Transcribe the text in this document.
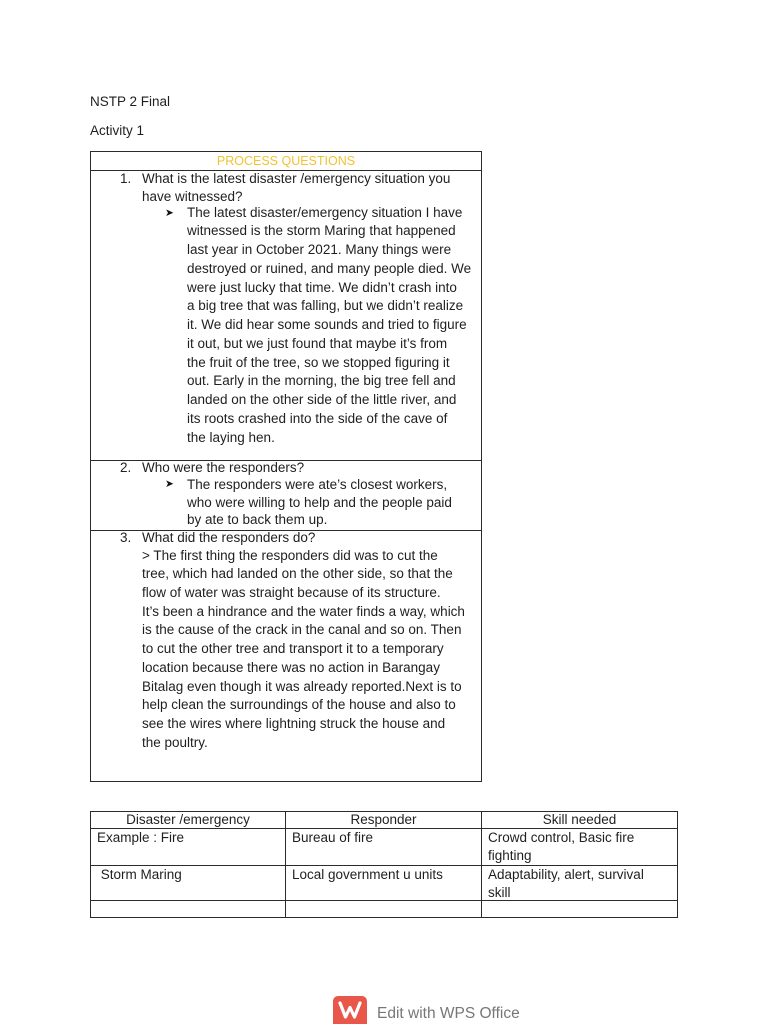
NSTP 2 Final
Activity 1
PROCESS QUESTIONS
1. What is the latest disaster /emergency situation you
have witnessed?
➤ The latest disaster/emergency situation I have
witnessed is the storm Maring that happened
last year in October 2021. Many things were
destroyed or ruined, and many people died. We
were just lucky that time. We didn’t crash into
a big tree that was falling, but we didn’t realize
it. We did hear some sounds and tried to figure
it out, but we just found that maybe it’s from
the fruit of the tree, so we stopped figuring it
out. Early in the morning, the big tree fell and
landed on the other side of the little river, and
its roots crashed into the side of the cave of
the laying hen.
2. Who were the responders?
➤ The responders were ate’s closest workers,
who were willing to help and the people paid
by ate to back them up.
3. What did the responders do?
> The first thing the responders did was to cut the
tree, which had landed on the other side, so that the
flow of water was straight because of its structure.
It’s been a hindrance and the water finds a way, which
is the cause of the crack in the canal and so on. Then
to cut the other tree and transport it to a temporary
location because there was no action in Barangay
Bitalag even though it was already reported.Next is to
help clean the surroundings of the house and also to
see the wires where lightning struck the house and
the poultry.
Disaster /emergency	Responder	Skill needed
Example : Fire	Bureau of fire	Crowd control, Basic fire
fighting
Storm Maring	Local government u units	Adaptability, alert, survival
skill
Edit with WPS Office
